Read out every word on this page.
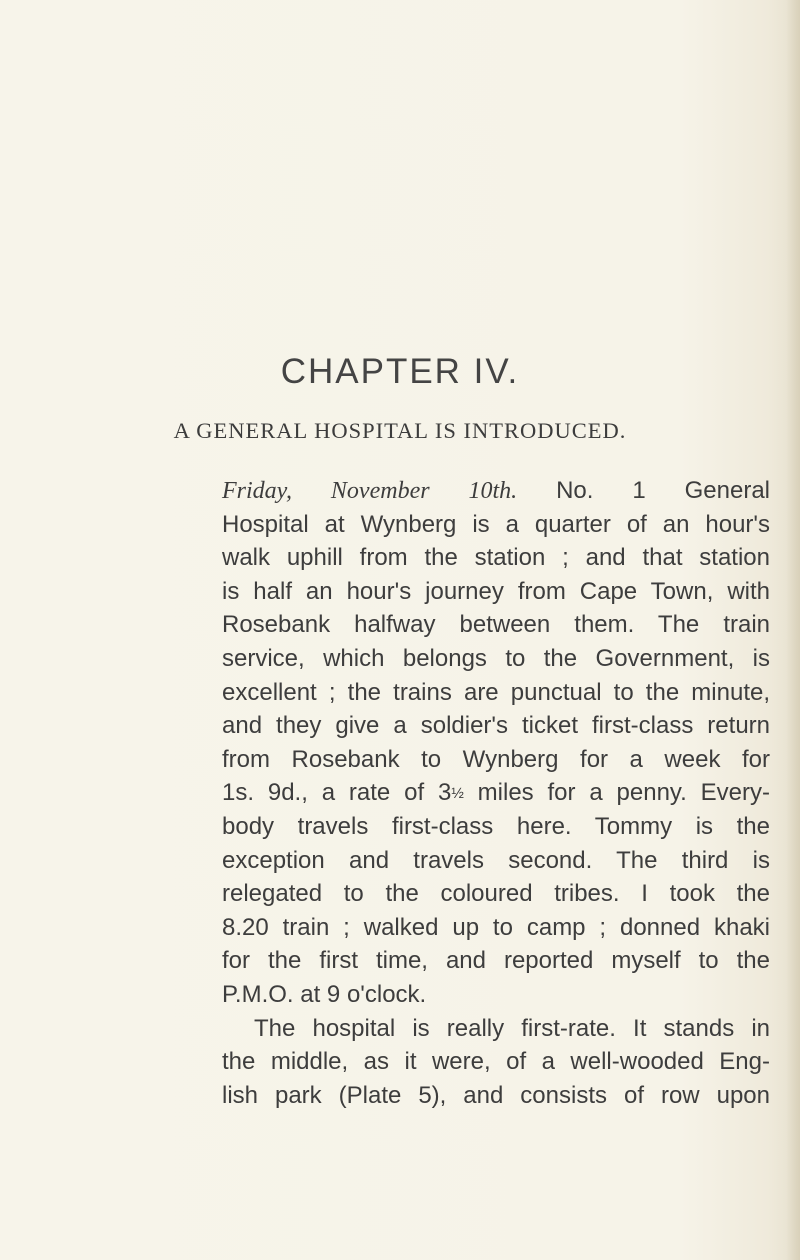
CHAPTER IV.
A GENERAL HOSPITAL IS INTRODUCED.
Friday, November 10th. No. 1 General
Hospital at Wynberg is a quarter of an hour's
walk uphill from the station ; and that station
is half an hour's journey from Cape Town, with
Rosebank halfway between them. The train
service, which belongs to the Government, is
excellent ; the trains are punctual to the minute,
and they give a soldier's ticket first-class return
from Rosebank to Wynberg for a week for
1s. 9d., a rate of 3½ miles for a penny. Every-
body travels first-class here. Tommy is the
exception and travels second. The third is
relegated to the coloured tribes. I took the
8.20 train ; walked up to camp ; donned khaki
for the first time, and reported myself to the
P.M.O. at 9 o'clock.
The hospital is really first-rate. It stands in
the middle, as it were, of a well-wooded Eng-
lish park (Plate 5), and consists of row upon
